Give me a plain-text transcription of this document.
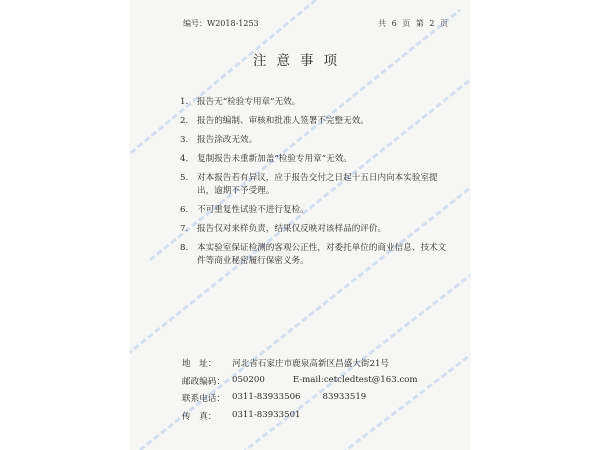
编号：W2018-1253	共 6 页 第 2 页
注意事项
1.	报告无“检验专用章”无效。
2.	报告的编制、审核和批准人签署不完整无效。
3.	报告涂改无效。
4.	复制报告未重新加盖“检验专用章”无效。
5.	对本报告若有异议，应于报告交付之日起十五日内向本实验室提出，逾期不予受理。
6.	不可重复性试验不进行复检。
7.	报告仅对来样负责，结果仅反映对该样品的评价。
8.	本实验室保证检测的客观公正性，对委托单位的商业信息、技术文件等商业秘密履行保密义务。
地　址：	河北省石家庄市鹿泉高新区昌盛大街21号
邮政编码： 050200	E-mail:cetcledtest@163.com
联系电话： 0311-83933506	83933519
传　真：	0311-83933501
